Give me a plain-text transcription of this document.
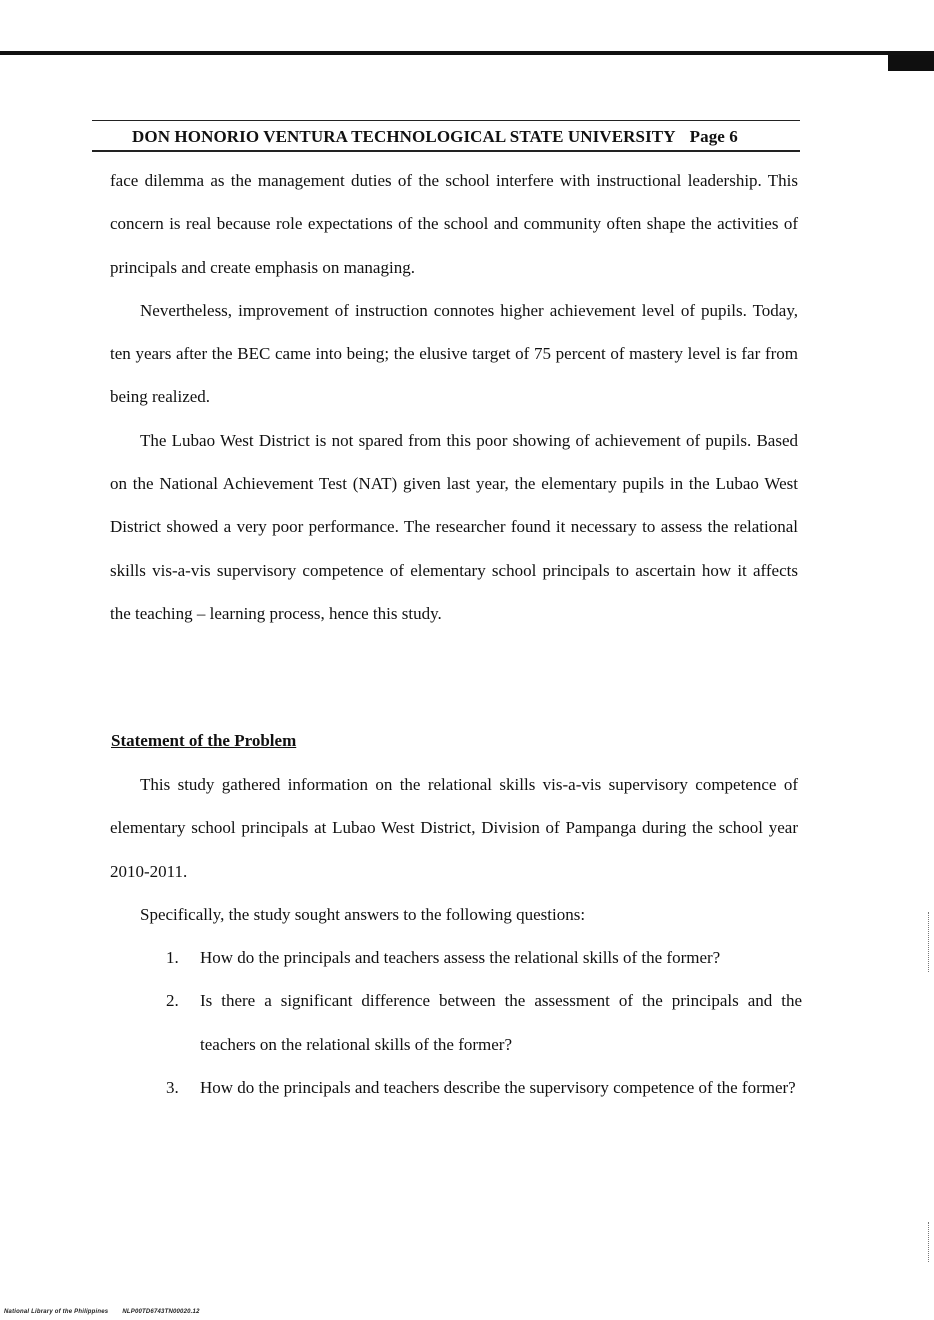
DON HONORIO VENTURA TECHNOLOGICAL STATE UNIVERSITY Page 6

face dilemma as the management duties of the school interfere with instructional leadership. This concern is real because role expectations of the school and community often shape the activities of principals and create emphasis on managing.

Nevertheless, improvement of instruction connotes higher achievement level of pupils. Today, ten years after the BEC came into being; the elusive target of 75 percent of mastery level is far from being realized.

The Lubao West District is not spared from this poor showing of achievement of pupils. Based on the National Achievement Test (NAT) given last year, the elementary pupils in the Lubao West District showed a very poor performance. The researcher found it necessary to assess the relational skills vis-a-vis supervisory competence of elementary school principals to ascertain how it affects the teaching – learning process, hence this study.

Statement of the Problem

This study gathered information on the relational skills vis-a-vis supervisory competence of elementary school principals at Lubao West District, Division of Pampanga during the school year 2010-2011.

Specifically, the study sought answers to the following questions:

1.	How do the principals and teachers assess the relational skills of the former?
2.	Is there a significant difference between the assessment of the principals and the teachers on the relational skills of the former?
3.	How do the principals and teachers describe the supervisory competence of the former?
National Library of the Philippines NLP00TD6743TN00020.12
